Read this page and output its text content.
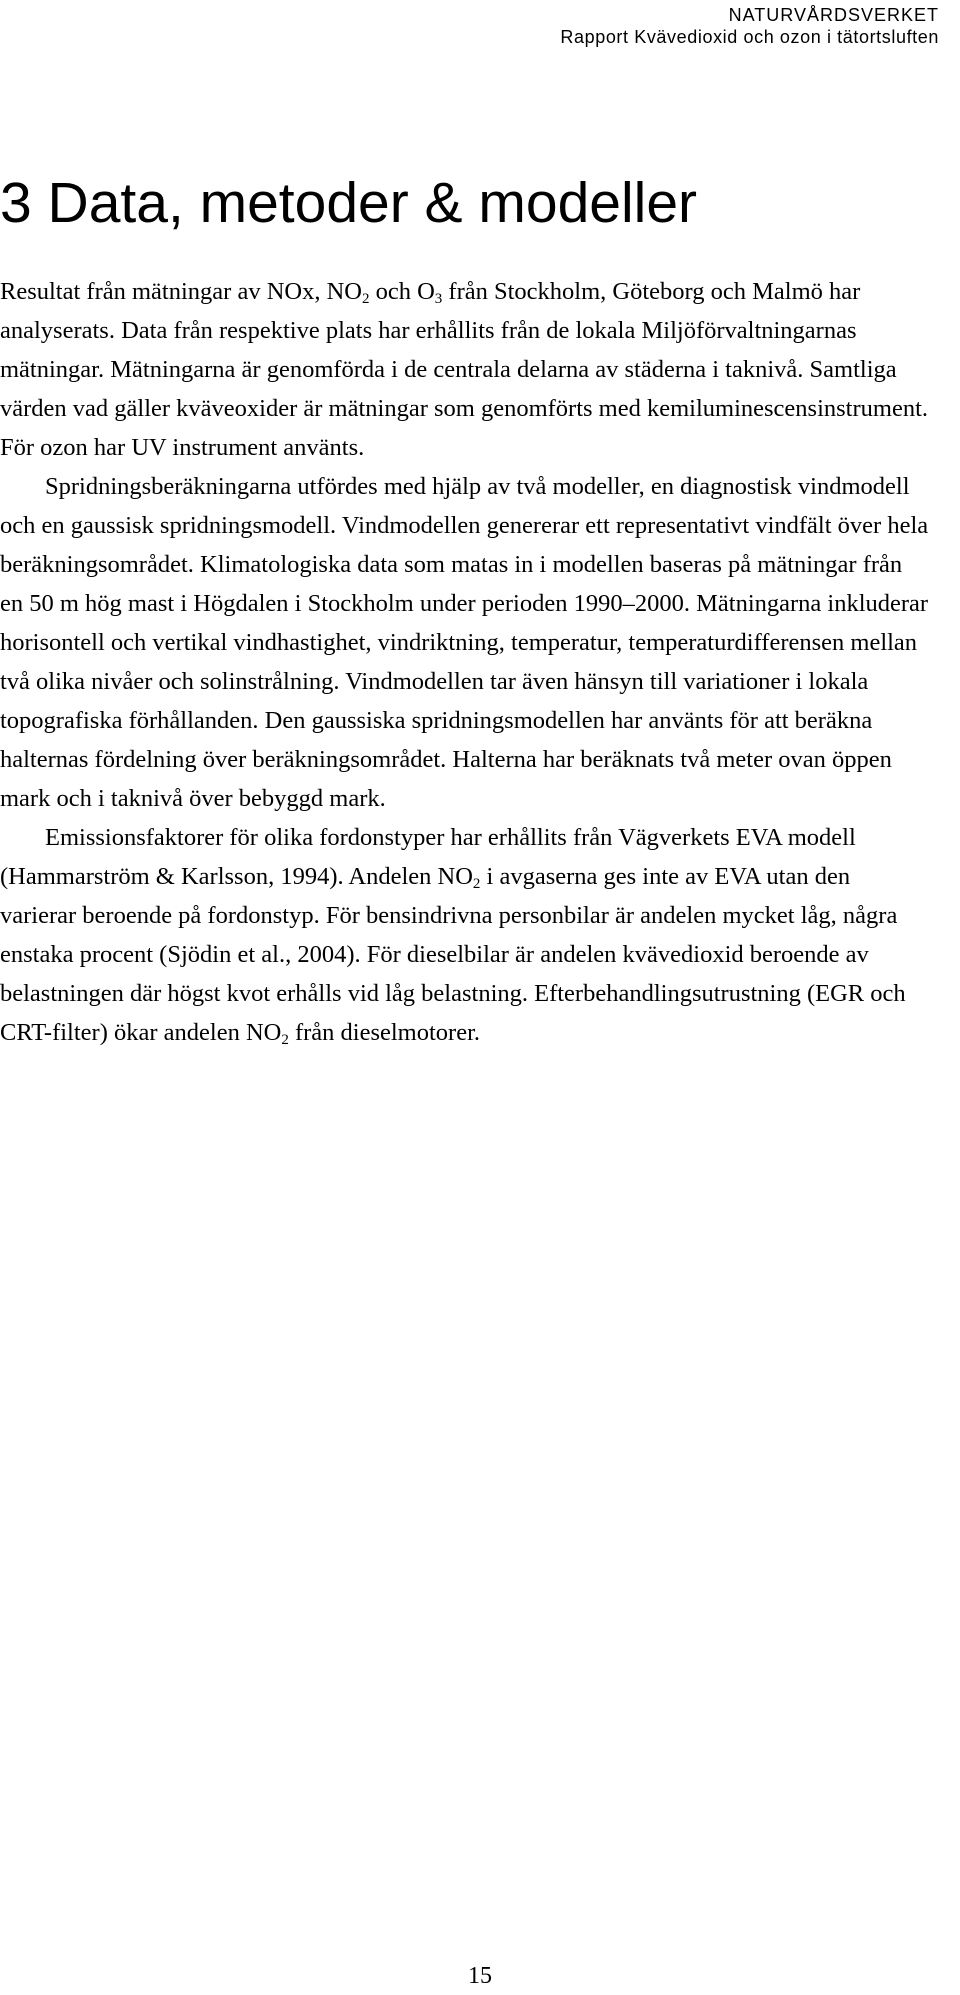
NATURVÅRDSVERKET
Rapport Kvävedioxid och ozon i tätortsluften
3 Data, metoder & modeller

Resultat från mätningar av NOx, $NO_2$ och $O_3$ från Stockholm, Göteborg och Malmö har analyserats. Data från respektive plats har erhållits från de lokala Miljöförvaltningarnas mätningar. Mätningarna är genomförda i de centrala delarna av städerna i taknivå. Samtliga värden vad gäller kväveoxider är mätningar som genomförts med kemiluminescensinstrument. För ozon har UV instrument använts.

Spridningsberäkningarna utfördes med hjälp av två modeller, en diagnostisk vindmodell och en gaussisk spridningsmodell. Vindmodellen genererar ett representativt vindfält över hela beräkningsområdet. Klimatologiska data som matas in i modellen baseras på mätningar från en 50 m hög mast i Högdalen i Stockholm under perioden 1990–2000. Mätningarna inkluderar horisontell och vertikal vindhastighet, vindriktning, temperatur, temperaturdifferensen mellan två olika nivåer och solinstrålning. Vindmodellen tar även hänsyn till variationer i lokala topografiska förhållanden. Den gaussiska spridningsmodellen har använts för att beräkna halternas fördelning över beräkningsområdet. Halterna har beräknats två meter ovan öppen mark och i taknivå över bebyggd mark.

Emissionsfaktorer för olika fordonstyper har erhållits från Vägverkets EVA modell (Hammarström & Karlsson, 1994). Andelen $NO_2$ i avgaserna ges inte av EVA utan den varierar beroende på fordonstyp. För bensindrivna personbilar är andelen mycket låg, några enstaka procent (Sjödin et al., 2004). För dieselbilar är andelen kvävedioxid beroende av belastningen där högst kvot erhålls vid låg belastning. Efterbehandlingsutrustning (EGR och CRT-filter) ökar andelen $NO_2$ från dieselmotorer.

15
